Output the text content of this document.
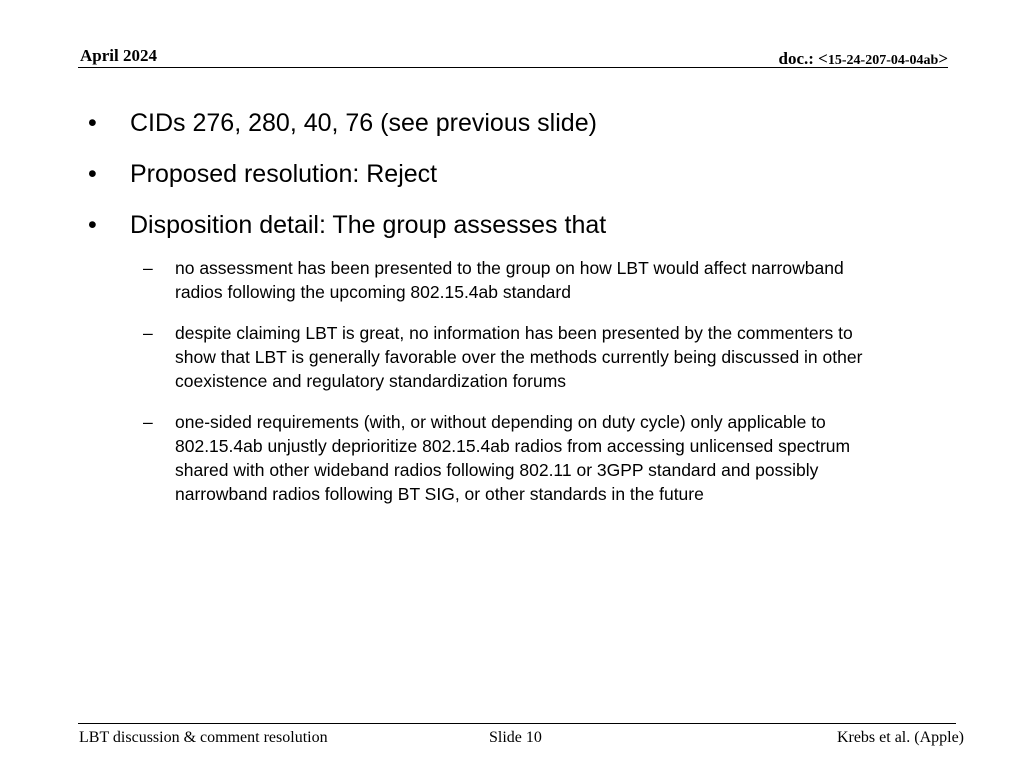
April 2024	doc.: <15-24-207-04-04ab>
• CIDs 276, 280, 40, 76 (see previous slide)
• Proposed resolution: Reject
• Disposition detail: The group assesses that
– no assessment has been presented to the group on how LBT would affect narrowband radios following the upcoming 802.15.4ab standard
– despite claiming LBT is great, no information has been presented by the commenters to show that LBT is generally favorable over the methods currently being discussed in other coexistence and regulatory standardization forums
– one-sided requirements (with, or without depending on duty cycle) only applicable to 802.15.4ab unjustly deprioritize 802.15.4ab radios from accessing unlicensed spectrum shared with other wideband radios following 802.11 or 3GPP standard and possibly narrowband radios following BT SIG, or other standards in the future
LBT discussion & comment resolution	Slide 10	Krebs et al. (Apple)
